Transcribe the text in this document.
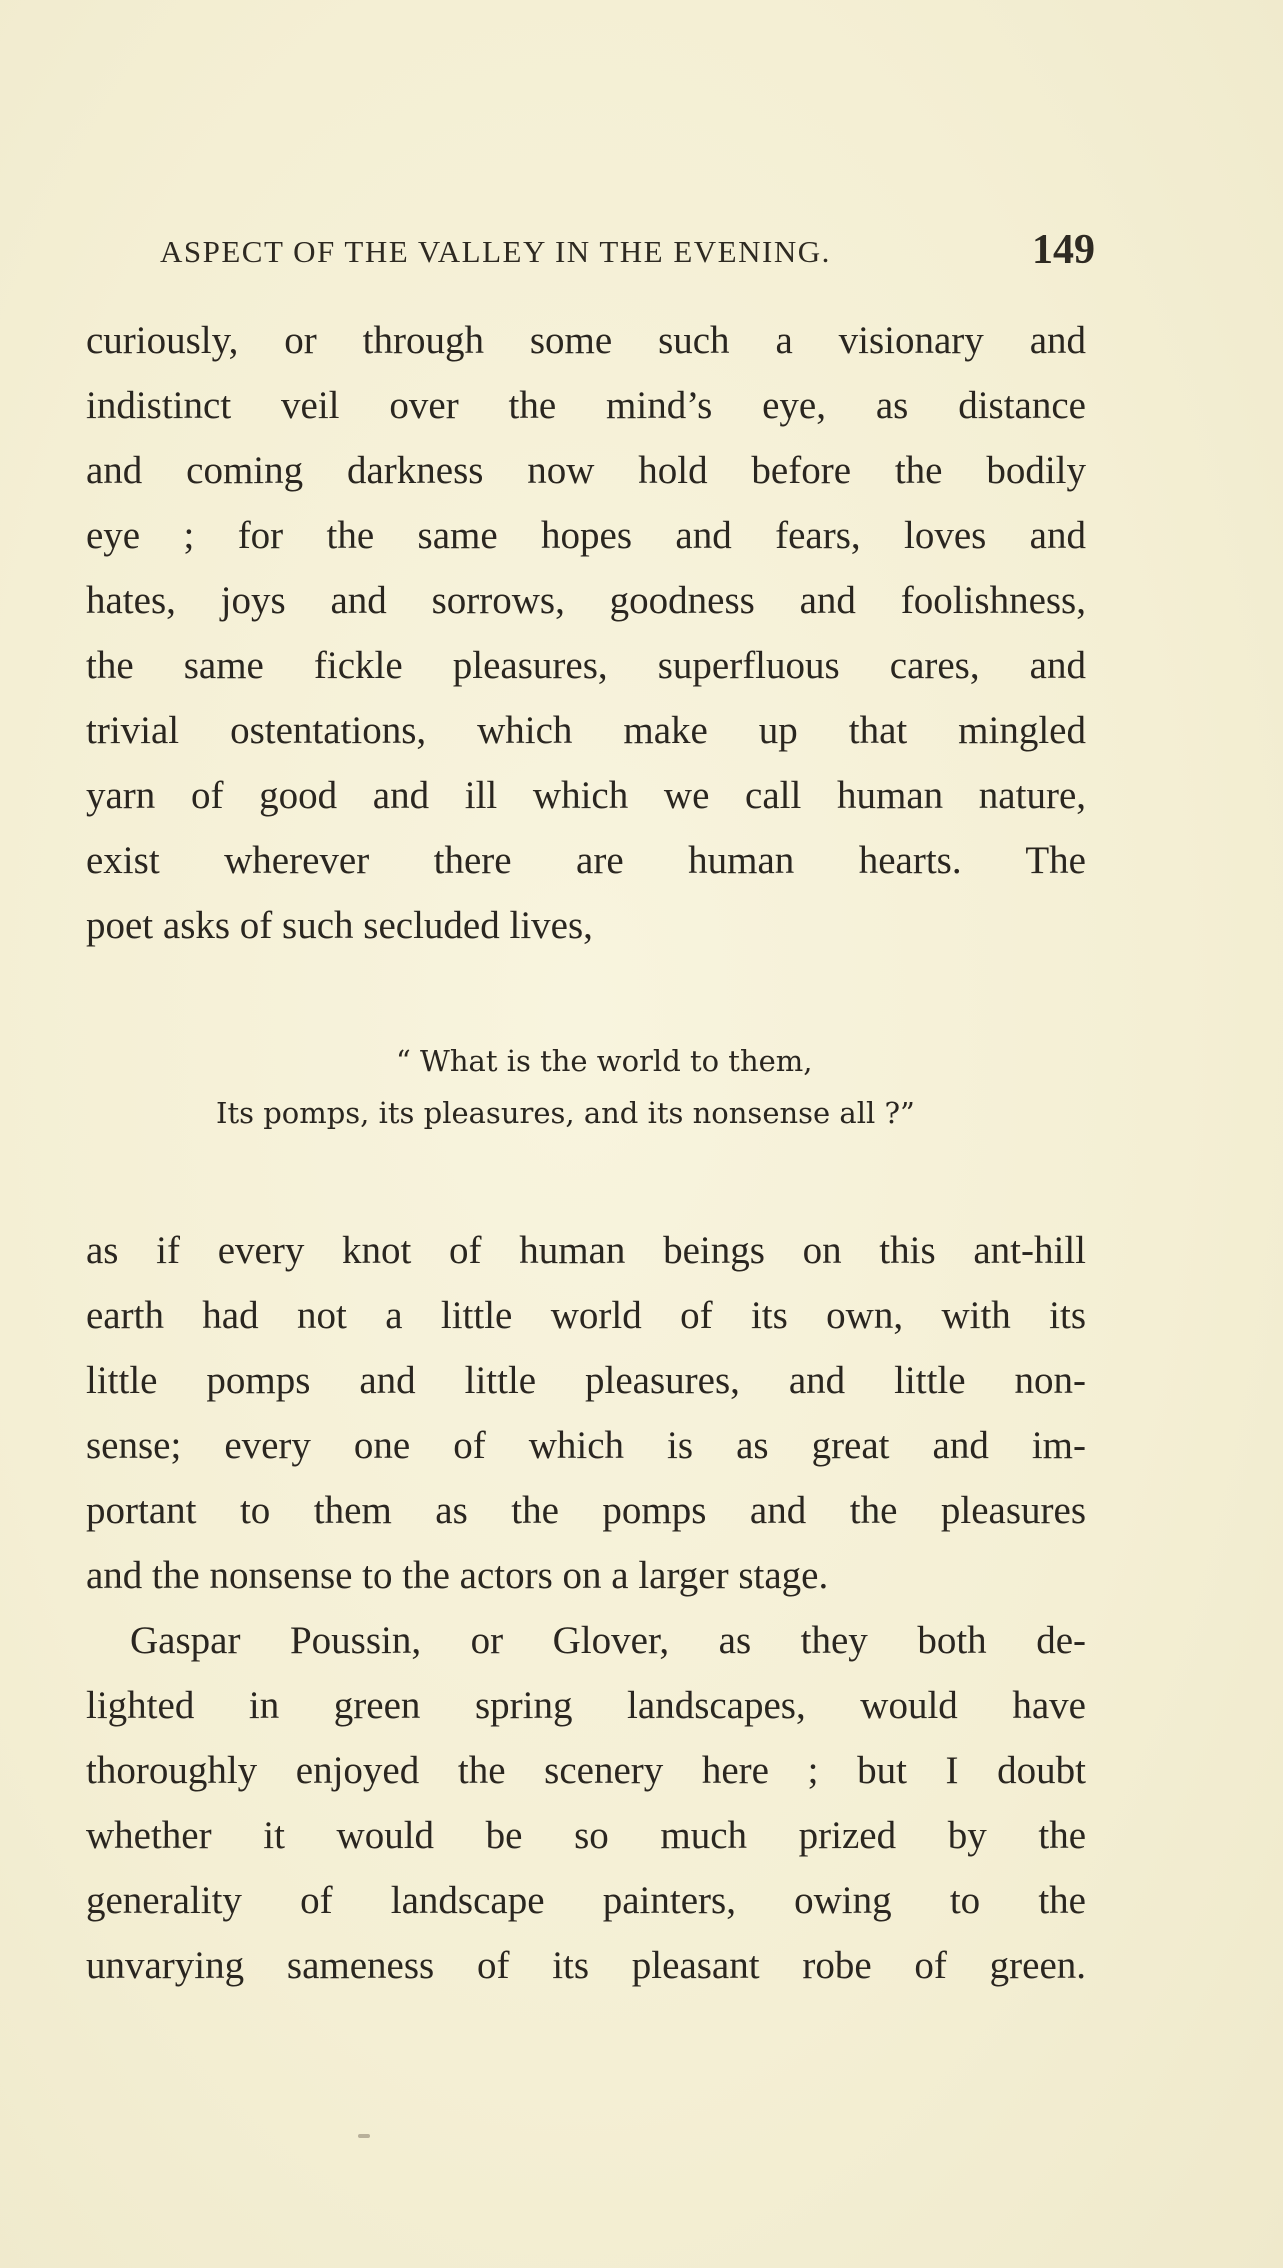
ASPECT OF THE VALLEY IN THE EVENING.	149
curiously, or through some such a visionary and
indistinct veil over the mind’s eye, as distance
and coming darkness now hold before the bodily
eye ; for the same hopes and fears, loves and
hates, joys and sorrows, goodness and foolishness,
the same fickle pleasures, superfluous cares, and
trivial ostentations, which make up that mingled
yarn of good and ill which we call human nature,
exist wherever there are human hearts. The
poet asks of such secluded lives,
“ What is the world to them,
Its pomps, its pleasures, and its nonsense all ?”
as if every knot of human beings on this ant-hill
earth had not a little world of its own, with its
little pomps and little pleasures, and little non-
sense; every one of which is as great and im-
portant to them as the pomps and the pleasures
and the nonsense to the actors on a larger stage.
Gaspar Poussin, or Glover, as they both de-
lighted in green spring landscapes, would have
thoroughly enjoyed the scenery here ; but I doubt
whether it would be so much prized by the
generality of landscape painters, owing to the
unvarying sameness of its pleasant robe of green.
